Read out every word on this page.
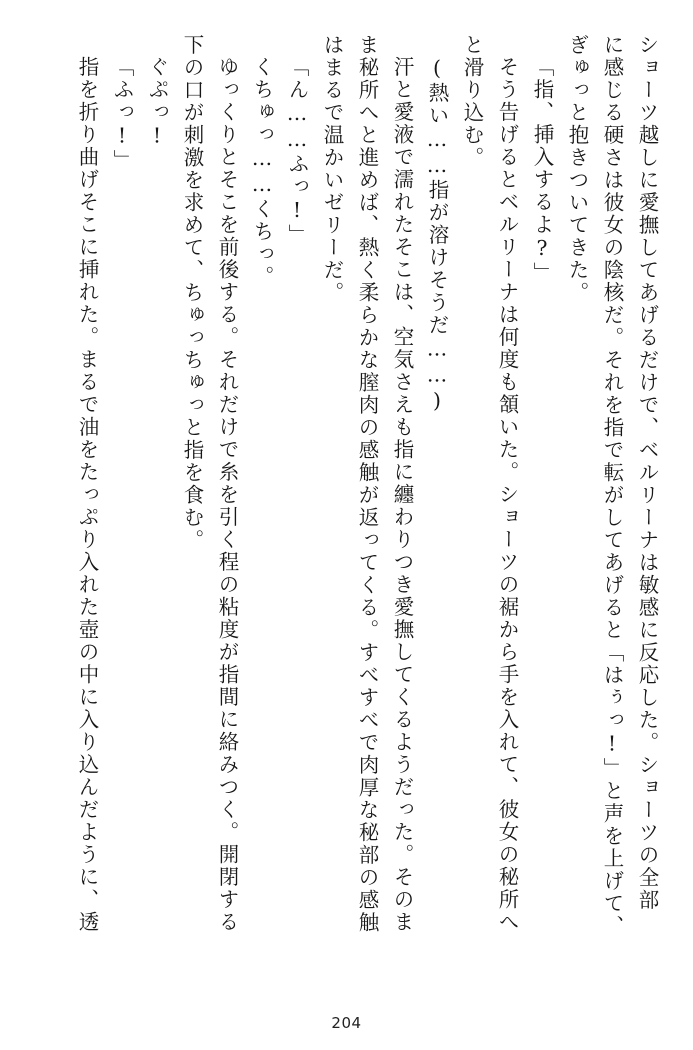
ショーツ越しに愛撫してあげるだけで、ベルリーナは敏感に反応した。ショーツの全部
に感じる硬さは彼女の陰核だ。それを指で転がしてあげると「はぅっ!」と声を上げて、
ぎゅっと抱きついてきた。
「指、挿入するよ?」
そう告げるとベルリーナは何度も頷いた。ショーツの裾から手を入れて、彼女の秘所へ
と滑り込む。
(熱い……指が溶けそうだ……)
汗と愛液で濡れたそこは、空気さえも指に纏わりつき愛撫してくるようだった。そのま
ま秘所へと進めば、熱く柔らかな膣肉の感触が返ってくる。すべすべで肉厚な秘部の感触
はまるで温かいゼリーだ。
「ん……ふっ!」
くちゅっ……くちっ。
ゆっくりとそこを前後する。それだけで糸を引く程の粘度が指間に絡みつく。開閉する
下の口が刺激を求めて、ちゅっちゅっと指を食む。
ぐぷっ!
「ふっ!」
指を折り曲げそこに挿れた。まるで油をたっぷり入れた壺の中に入り込んだように、透
204
